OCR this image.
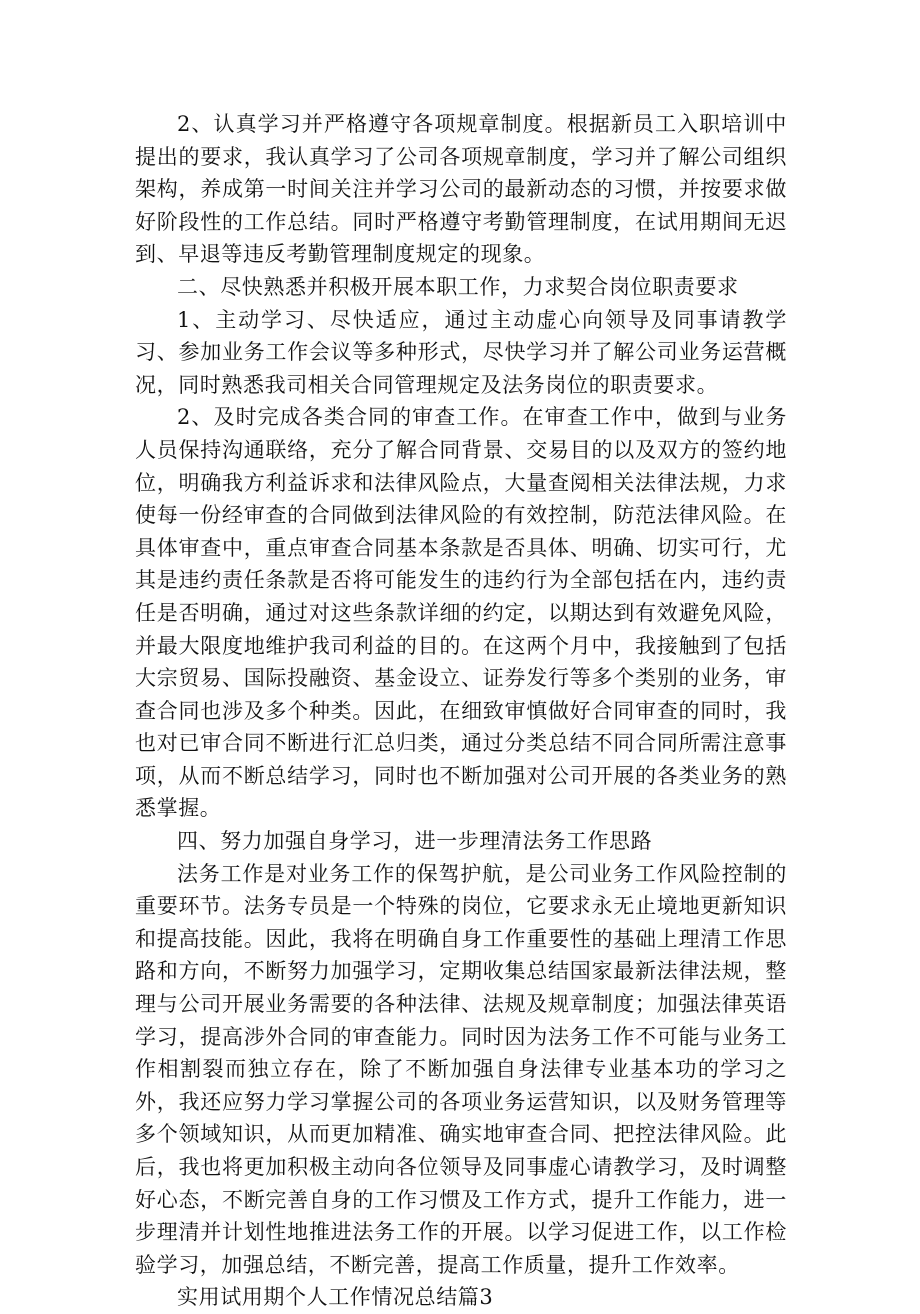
2、认真学习并严格遵守各项规章制度。根据新员工入职培训中提出的要求，我认真学习了公司各项规章制度，学习并了解公司组织架构，养成第一时间关注并学习公司的最新动态的习惯，并按要求做好阶段性的工作总结。同时严格遵守考勤管理制度，在试用期间无迟到、早退等违反考勤管理制度规定的现象。

二、尽快熟悉并积极开展本职工作，力求契合岗位职责要求

1、主动学习、尽快适应，通过主动虚心向领导及同事请教学习、参加业务工作会议等多种形式，尽快学习并了解公司业务运营概况，同时熟悉我司相关合同管理规定及法务岗位的职责要求。

2、及时完成各类合同的审查工作。在审查工作中，做到与业务人员保持沟通联络，充分了解合同背景、交易目的以及双方的签约地位，明确我方利益诉求和法律风险点，大量查阅相关法律法规，力求使每一份经审查的合同做到法律风险的有效控制，防范法律风险。在具体审查中，重点审查合同基本条款是否具体、明确、切实可行，尤其是违约责任条款是否将可能发生的违约行为全部包括在内，违约责任是否明确，通过对这些条款详细的约定，以期达到有效避免风险，并最大限度地维护我司利益的目的。在这两个月中，我接触到了包括大宗贸易、国际投融资、基金设立、证券发行等多个类别的业务，审查合同也涉及多个种类。因此，在细致审慎做好合同审查的同时，我也对已审合同不断进行汇总归类，通过分类总结不同合同所需注意事项，从而不断总结学习，同时也不断加强对公司开展的各类业务的熟悉掌握。

四、努力加强自身学习，进一步理清法务工作思路

法务工作是对业务工作的保驾护航，是公司业务工作风险控制的重要环节。法务专员是一个特殊的岗位，它要求永无止境地更新知识和提高技能。因此，我将在明确自身工作重要性的基础上理清工作思路和方向，不断努力加强学习，定期收集总结国家最新法律法规，整理与公司开展业务需要的各种法律、法规及规章制度；加强法律英语学习，提高涉外合同的审查能力。同时因为法务工作不可能与业务工作相割裂而独立存在，除了不断加强自身法律专业基本功的学习之外，我还应努力学习掌握公司的各项业务运营知识，以及财务管理等多个领域知识，从而更加精准、确实地审查合同、把控法律风险。此后，我也将更加积极主动向各位领导及同事虚心请教学习，及时调整好心态，不断完善自身的工作习惯及工作方式，提升工作能力，进一步理清并计划性地推进法务工作的开展。以学习促进工作，以工作检验学习，加强总结，不断完善，提高工作质量，提升工作效率。

实用试用期个人工作情况总结篇3
